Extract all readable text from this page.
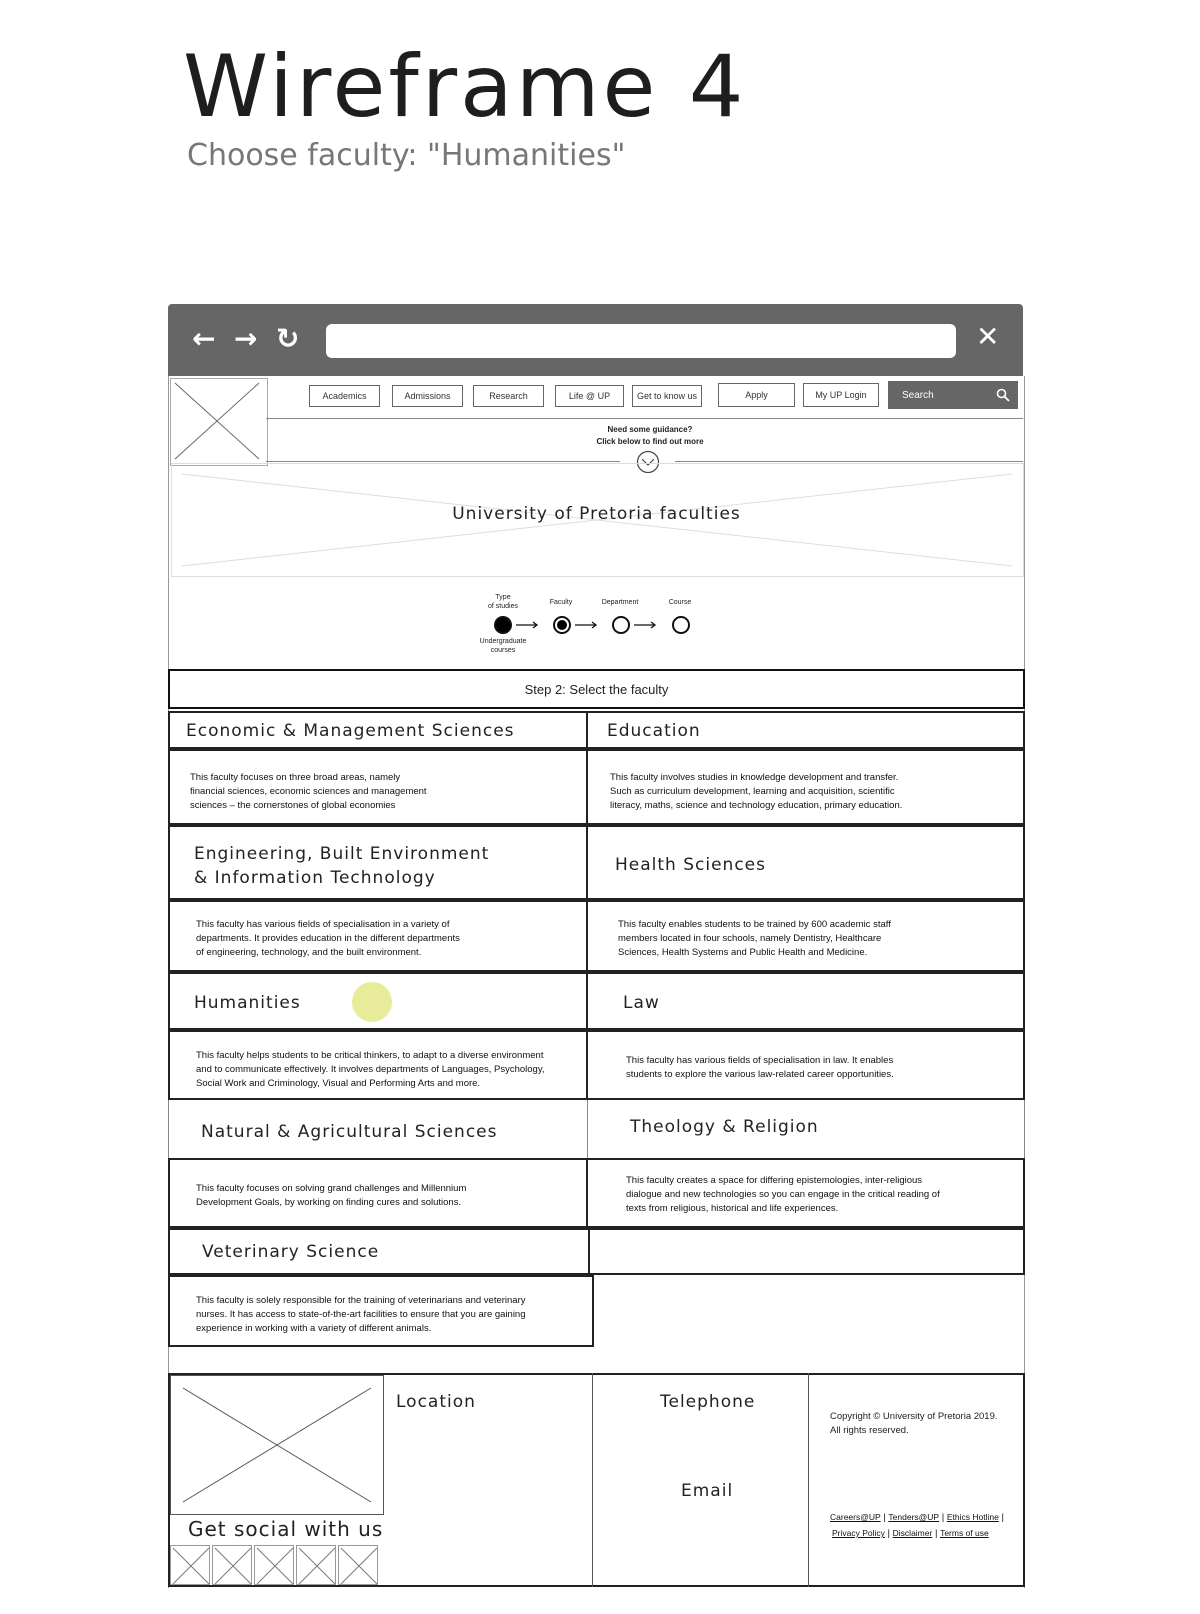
Wireframe 4
Choose faculty: "Humanities"
← → ↻	✕
Academics	Admissions	Research	Life @ UP	Get to know us	Apply	My UP Login	Search
Need some guidance?
Click below to find out more
University of Pretoria faculties
Type
of studies
Faculty	Department	Course
Undergraduate
courses
Step 2: Select the faculty
Economic & Management Sciences	Education
This faculty focuses on three broad areas, namely
financial sciences, economic sciences and management
sciences – the cornerstones of global economies
This faculty involves studies in knowledge development and transfer.
Such as curriculum development, learning and acquisition, scientific
literacy, maths, science and technology education, primary education.
Engineering, Built Environment
& Information Technology
Health Sciences
This faculty has various fields of specialisation in a variety of
departments. It provides education in the different departments
of engineering, technology, and the built environment.
This faculty enables students to be trained by 600 academic staff
members located in four schools, namely Dentistry, Healthcare
Sciences, Health Systems and Public Health and Medicine.
Humanities	Law
This faculty helps students to be critical thinkers, to adapt to a diverse environment
and to communicate effectively. It involves departments of Languages, Psychology,
Social Work and Criminology, Visual and Performing Arts and more.
This faculty has various fields of specialisation in law. It enables
students to explore the various law-related career opportunities.
Natural & Agricultural Sciences	Theology & Religion
This faculty focuses on solving grand challenges and Millennium
Development Goals, by working on finding cures and solutions.
This faculty creates a space for differing epistemologies, inter-religious
dialogue and new technologies so you can engage in the critical reading of
texts from religious, historical and life experiences.
Veterinary Science
This faculty is solely responsible for the training of veterinarians and veterinary
nurses. It has access to state-of-the-art facilities to ensure that you are gaining
experience in working with a variety of different animals.
Location	Telephone
Email
Get social with us
Copyright © University of Pretoria 2019.
All rights reserved.
Careers@UP | Tenders@UP | Ethics Hotline |
Privacy Policy | Disclaimer | Terms of use
